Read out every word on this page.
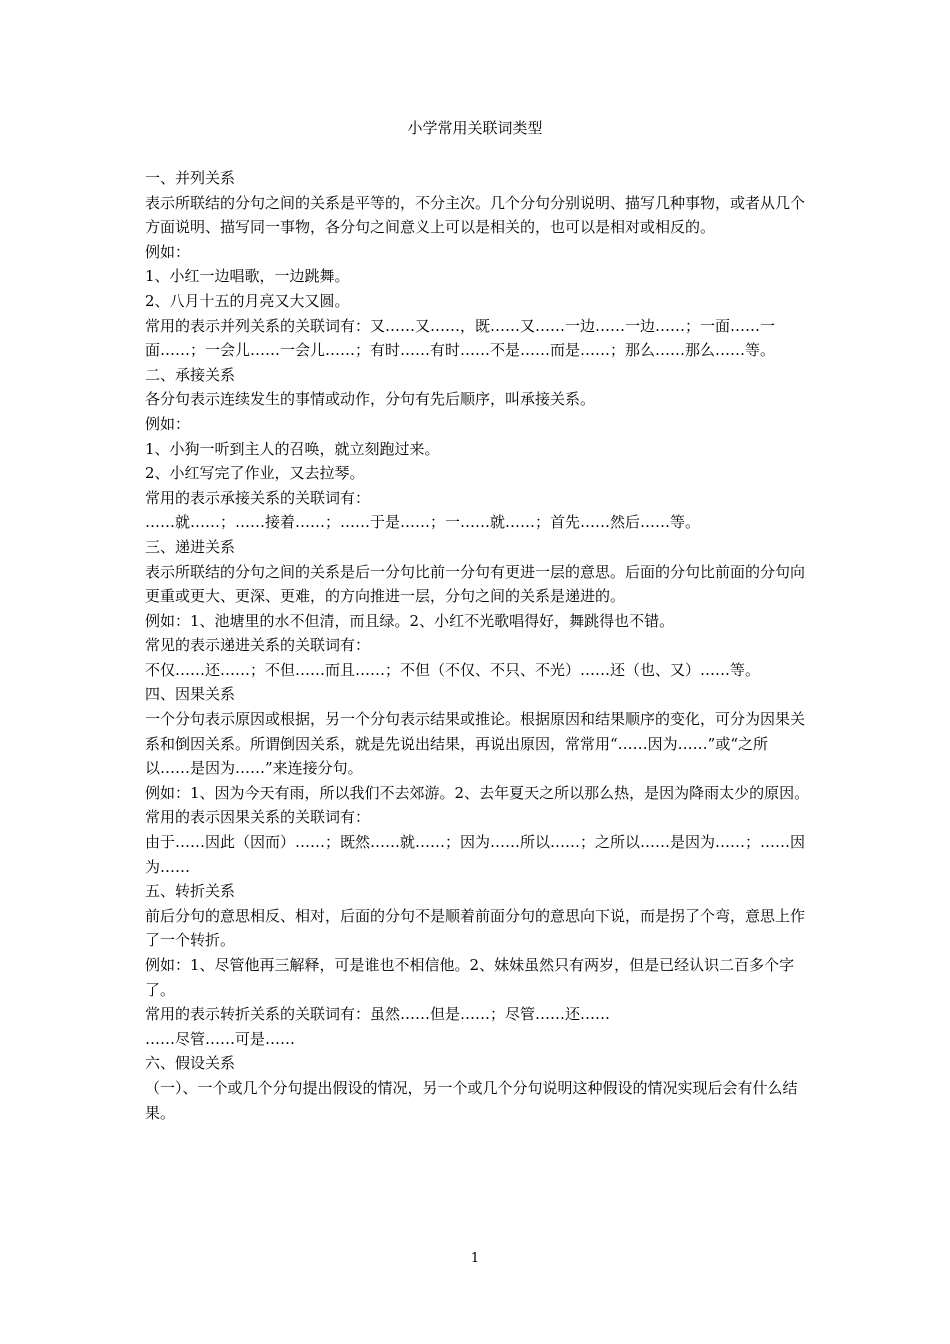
小学常用关联词类型

一、并列关系

表示所联结的分句之间的关系是平等的，不分主次。几个分句分别说明、描写几种事物，或者从几个方面说明、描写同一事物，各分句之间意义上可以是相关的，也可以是相对或相反的。

例如：

1、小红一边唱歌，一边跳舞。

2、八月十五的月亮又大又圆。

常用的表示并列关系的关联词有：又……又……，既……又……一边……一边……；一面……一面……；一会儿……一会儿……；有时……有时……不是……而是……；那么……那么……等。

二、承接关系

各分句表示连续发生的事情或动作，分句有先后顺序，叫承接关系。

例如：

1、小狗一听到主人的召唤，就立刻跑过来。

2、小红写完了作业，又去拉琴。

常用的表示承接关系的关联词有：

……就……；……接着……；……于是……；一……就……；首先……然后……等。

三、递进关系

表示所联结的分句之间的关系是后一分句比前一分句有更进一层的意思。后面的分句比前面的分句向更重或更大、更深、更难，的方向推进一层，分句之间的关系是递进的。

例如：1、池塘里的水不但清，而且绿。2、小红不光歌唱得好，舞跳得也不错。

常见的表示递进关系的关联词有：

不仅……还……；不但……而且……；不但（不仅、不只、不光）……还（也、又）……等。

四、因果关系

一个分句表示原因或根据，另一个分句表示结果或推论。根据原因和结果顺序的变化，可分为因果关系和倒因关系。所谓倒因关系，就是先说出结果，再说出原因，常常用“……因为……”或“之所以……是因为……”来连接分句。

例如：1、因为今天有雨，所以我们不去郊游。2、去年夏天之所以那么热，是因为降雨太少的原因。

常用的表示因果关系的关联词有：

由于……因此（因而）……；既然……就……；因为……所以……；之所以……是因为……；……因为……

五、转折关系

前后分句的意思相反、相对，后面的分句不是顺着前面分句的意思向下说，而是拐了个弯，意思上作了一个转折。

例如：1、尽管他再三解释，可是谁也不相信他。2、妹妹虽然只有两岁，但是已经认识二百多个字了。

常用的表示转折关系的关联词有：虽然……但是……；尽管……还……

……尽管……可是……

六、假设关系

（一）、一个或几个分句提出假设的情况，另一个或几个分句说明这种假设的情况实现后会有什么结果。

1
